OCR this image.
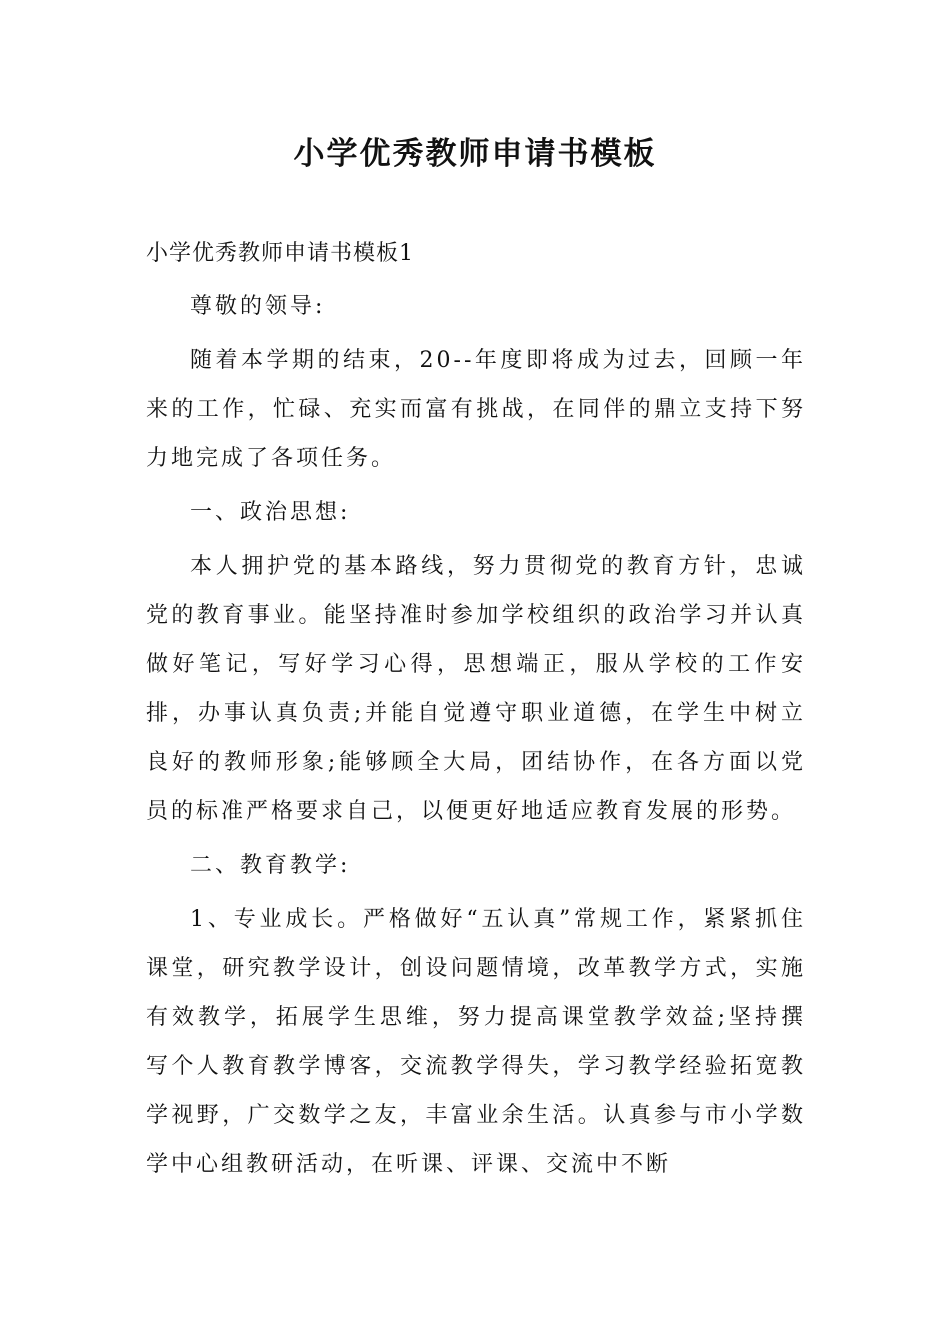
小学优秀教师申请书模板

小学优秀教师申请书模板1

尊敬的领导:

随着本学期的结束，20--年度即将成为过去，回顾一年来的工作，忙碌、充实而富有挑战，在同伴的鼎立支持下努力地完成了各项任务。

一、政治思想:

本人拥护党的基本路线，努力贯彻党的教育方针，忠诚党的教育事业。能坚持准时参加学校组织的政治学习并认真做好笔记，写好学习心得，思想端正，服从学校的工作安排，办事认真负责;并能自觉遵守职业道德，在学生中树立良好的教师形象;能够顾全大局，团结协作，在各方面以党员的标准严格要求自己，以便更好地适应教育发展的形势。

二、教育教学:

1、专业成长。严格做好“五认真”常规工作，紧紧抓住课堂，研究教学设计，创设问题情境，改革教学方式，实施有效教学，拓展学生思维，努力提高课堂教学效益;坚持撰写个人教育教学博客，交流教学得失，学习教学经验拓宽教学视野，广交数学之友，丰富业余生活。认真参与市小学数学中心组教研活动，在听课、评课、交流中不断
